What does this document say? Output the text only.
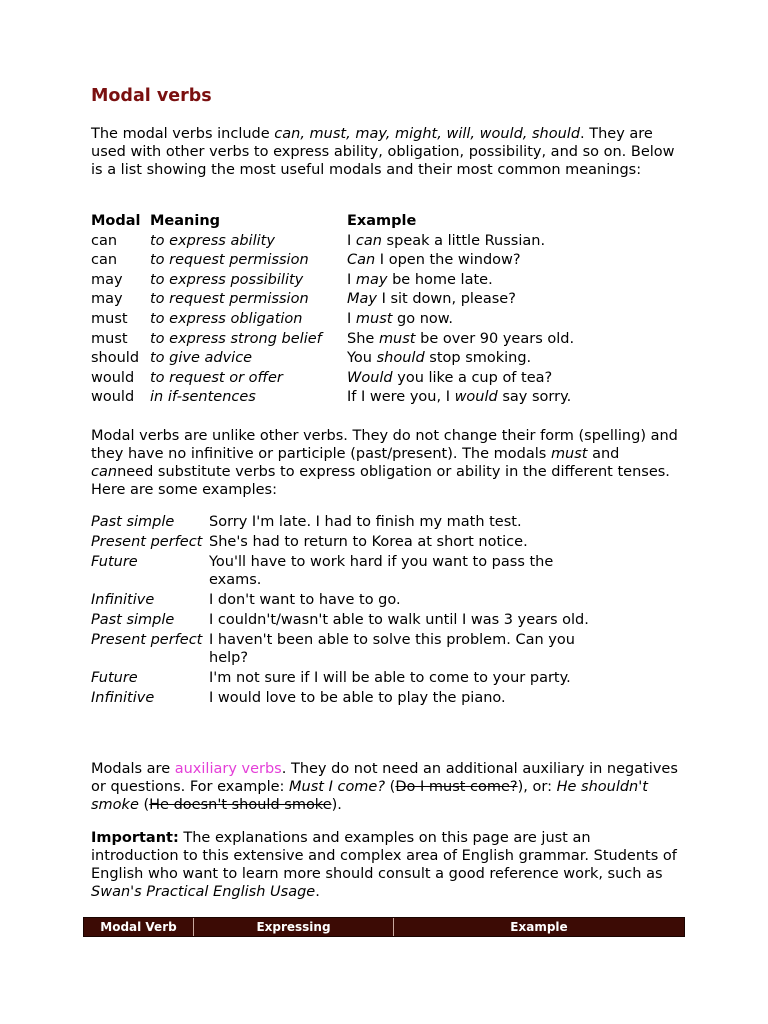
Modal verbs

The modal verbs include can, must, may, might, will, would, should. They are used with other verbs to express ability, obligation, possibility, and so on. Below is a list showing the most useful modals and their most common meanings:

Modal	Meaning	Example
can	to express ability	I can speak a little Russian.
can	to request permission	Can I open the window?
may	to express possibility	I may be home late.
may	to request permission	May I sit down, please?
must	to express obligation	I must go now.
must	to express strong belief	She must be over 90 years old.
should	to give advice	You should stop smoking.
would	to request or offer	Would you like a cup of tea?
would	in if-sentences	If I were you, I would say sorry.

Modal verbs are unlike other verbs. They do not change their form (spelling) and they have no infinitive or participle (past/present). The modals must and canneed substitute verbs to express obligation or ability in the different tenses. Here are some examples:

Past simple	Sorry I'm late. I had to finish my math test.
Present perfect	She's had to return to Korea at short notice.
Future	You'll have to work hard if you want to pass the exams.
Infinitive	I don't want to have to go.
Past simple	I couldn't/wasn't able to walk until I was 3 years old.
Present perfect	I haven't been able to solve this problem. Can you help?
Future	I'm not sure if I will be able to come to your party.
Infinitive	I would love to be able to play the piano.

Modals are auxiliary verbs. They do not need an additional auxiliary in negatives or questions. For example: Must I come? (Do I must come?), or: He shouldn't smoke (He doesn't should smoke).

Important: The explanations and examples on this page are just an introduction to this extensive and complex area of English grammar. Students of English who want to learn more should consult a good reference work, such as Swan's Practical English Usage.

Modal Verb	Expressing	Example
